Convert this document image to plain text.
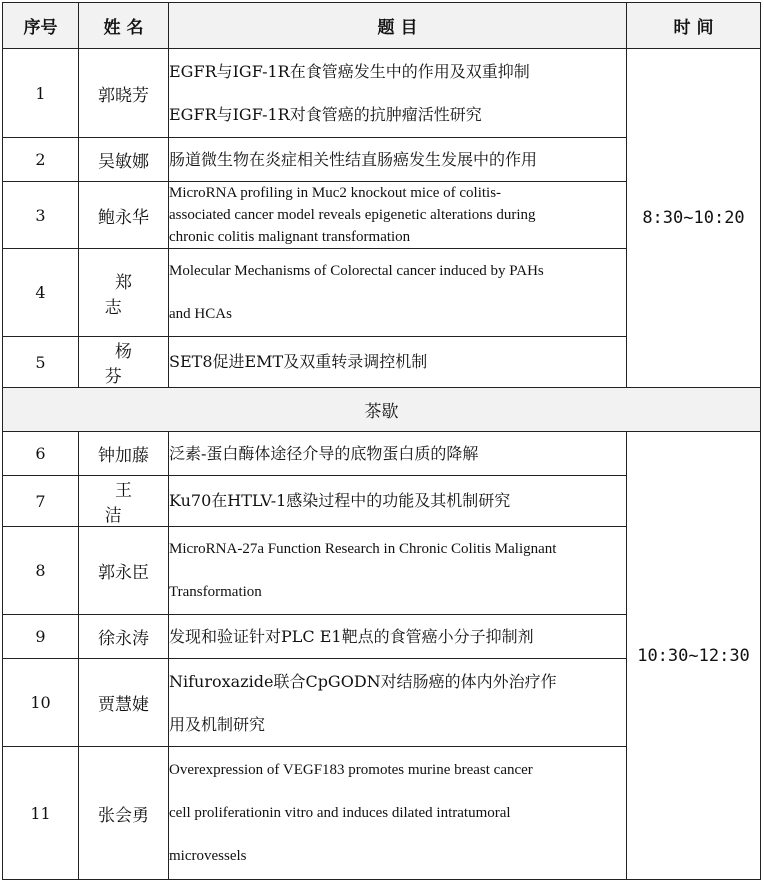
序号	姓 名	题 目	时 间
1	郭晓芳	EGFR与IGF-1R在食管癌发生中的作用及双重抑制
EGFR与IGF-1R对食管癌的抗肿瘤活性研究	8:30~10:20
2	吴敏娜	肠道微生物在炎症相关性结直肠癌发生发展中的作用	

3	鲍永华	MicroRNA profiling in Muc2 knockout mice of colitis-
associated cancer model reveals epigenetic alterations during
chronic colitis malignant transformation	

4	郑 志	Molecular Mechanisms of Colorectal cancer induced by PAHs
and HCAs	

5	杨 芬	SET8促进EMT及双重转录调控机制	

茶歇			
6	钟加藤	泛素-蛋白酶体途径介导的底物蛋白质的降解	10:30~12:30
7	王 洁	Ku70在HTLV-1感染过程中的功能及其机制研究	

8	郭永臣	MicroRNA-27a Function Research in Chronic Colitis Malignant
Transformation	

9	徐永涛	发现和验证针对PLC E1靶点的食管癌小分子抑制剂	

10	贾慧婕	Nifuroxazide联合CpGODN对结肠癌的体内外治疗作
用及机制研究	

11	张会勇	Overexpression of VEGF183 promotes murine breast cancer
cell proliferationin vitro and induces dilated intratumoral
microvessels	
